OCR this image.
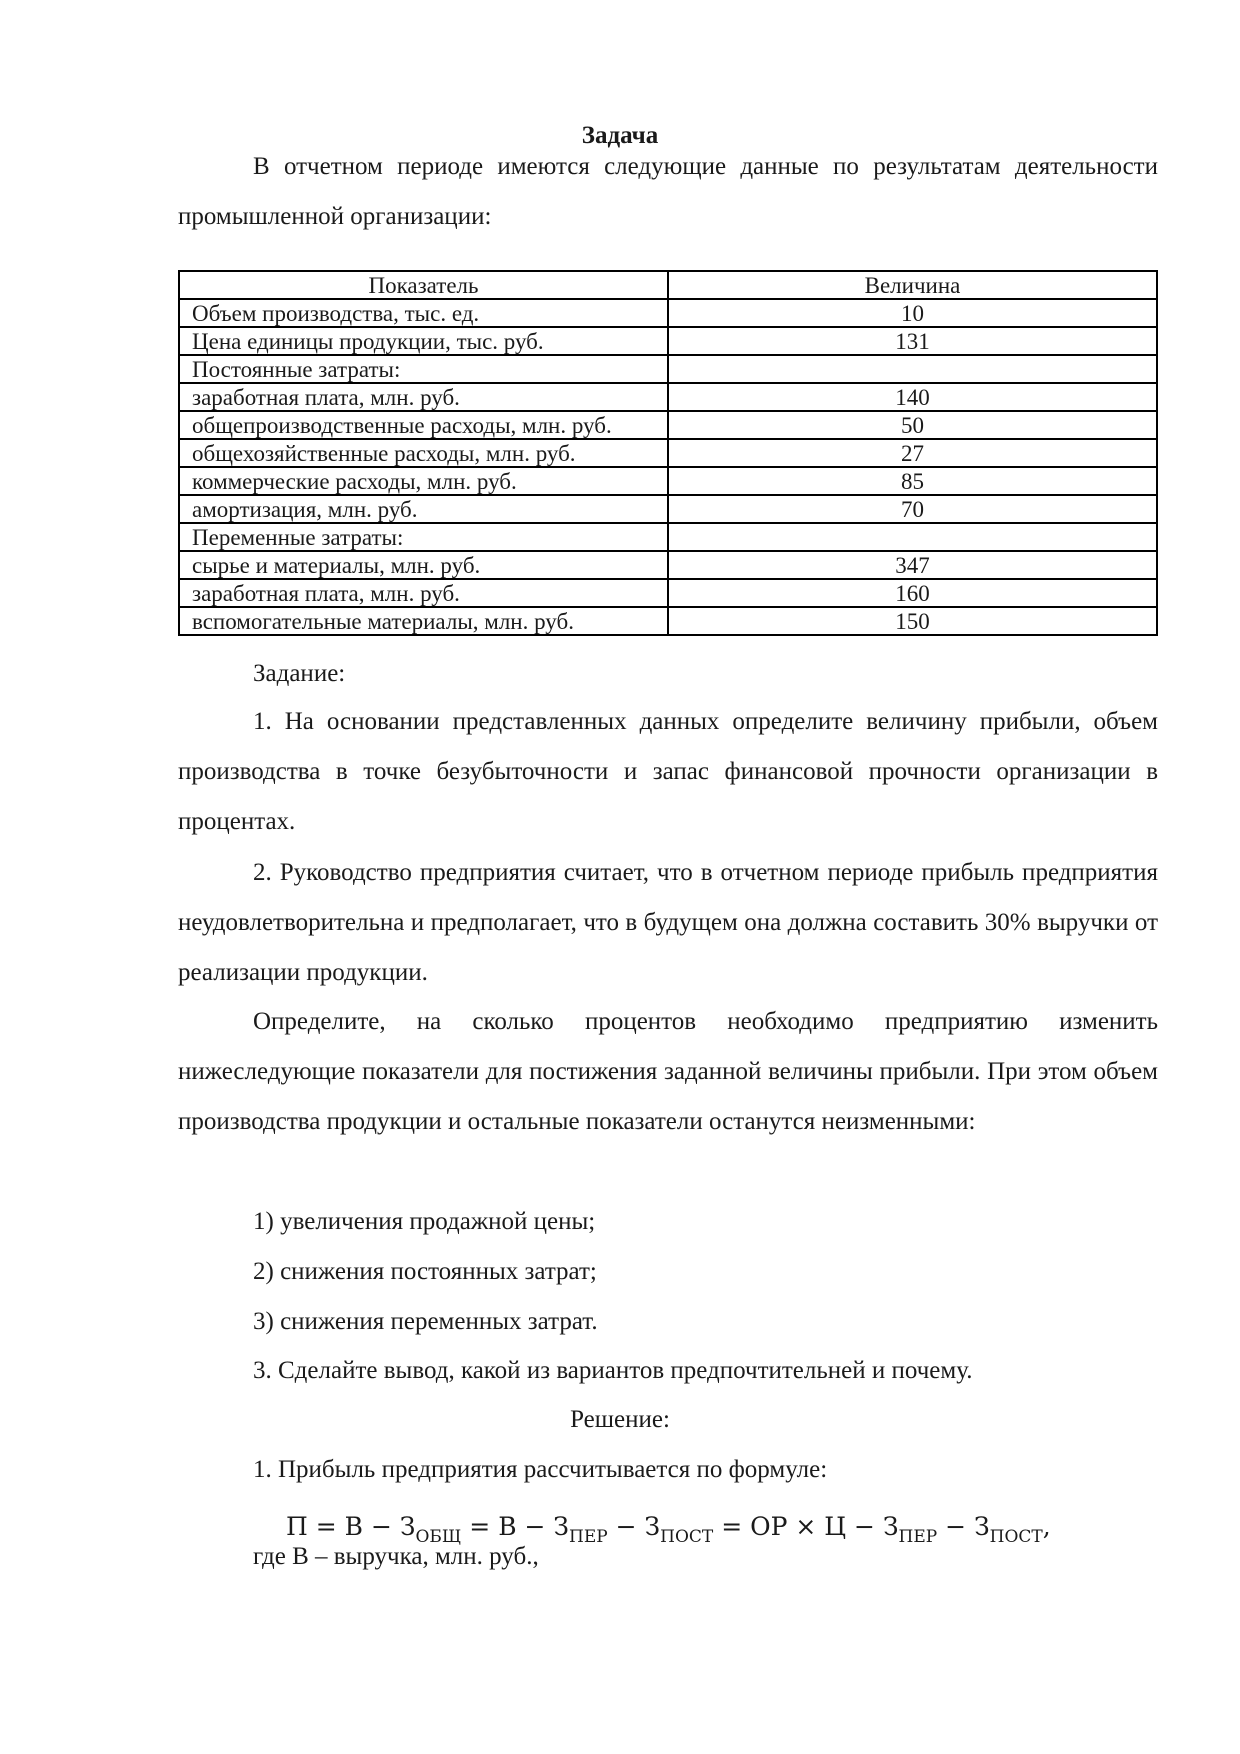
Задача

В отчетном периоде имеются следующие данные по результатам деятельности промышленной организации:

Показатель	Величина
Объем производства, тыс. ед.	10
Цена единицы продукции, тыс. руб.	131
Постоянные затраты:	
заработная плата, млн. руб.	140
общепроизводственные расходы, млн. руб.	50
общехозяйственные расходы, млн. руб.	27
коммерческие расходы, млн. руб.	85
амортизация, млн. руб.	70
Переменные затраты:	
сырье и материалы, млн. руб.	347
заработная плата, млн. руб.	160
вспомогательные материалы, млн. руб.	150
Задание:

1. На основании представленных данных определите величину прибыли, объем производства в точке безубыточности и запас финансовой прочности организации в процентах.

2. Руководство предприятия считает, что в отчетном периоде прибыль предприятия неудовлетворительна и предполагает, что в будущем она должна составить 30% выручки от реализации продукции.

Определите, на сколько процентов необходимо предприятию изменить нижеследующие показатели для постижения заданной величины прибыли. При этом объем производства продукции и остальные показатели останутся неизменными:

1) увеличения продажной цены;
2) снижения постоянных затрат;
3) снижения переменных затрат.
3. Сделайте вывод, какой из вариантов предпочтительней и почему.
Решение:
1. Прибыль предприятия рассчитывается по формуле:
$П = В - З_{ОБЩ} = В - З_{ПЕР} - З_{ПОСТ}$ = ОР × $Ц - З_{ПЕР} - З_{ПОСТ}$,
где В – выручка, млн. руб.,
